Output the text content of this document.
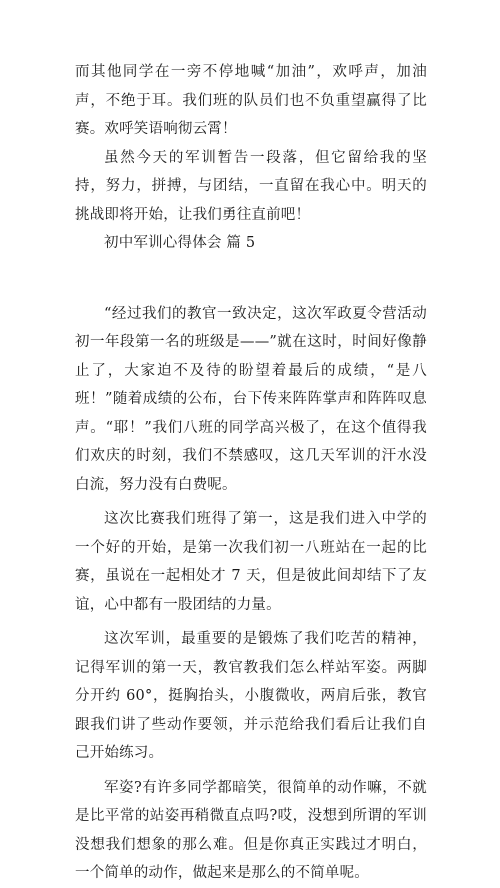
而其他同学在一旁不停地喊“加油”，欢呼声，加油声，不绝于耳。我们班的队员们也不负重望赢得了比赛。欢呼笑语响彻云霄！

虽然今天的军训暂告一段落，但它留给我的坚持，努力，拼搏，与团结，一直留在我心中。明天的挑战即将开始，让我们勇往直前吧！

初中军训心得体会 篇 5

“经过我们的教官一致决定，这次军政夏令营活动初一年段第一名的班级是——”就在这时，时间好像静止了，大家迫不及待的盼望着最后的成绩，“是八班！”随着成绩的公布，台下传来阵阵掌声和阵阵叹息声。“耶！”我们八班的同学高兴极了，在这个值得我们欢庆的时刻，我们不禁感叹，这几天军训的汗水没白流，努力没有白费呢。

这次比赛我们班得了第一，这是我们进入中学的一个好的开始，是第一次我们初一八班站在一起的比赛，虽说在一起相处才 7 天，但是彼此间却结下了友谊，心中都有一股团结的力量。

这次军训，最重要的是锻炼了我们吃苦的精神，记得军训的第一天，教官教我们怎么样站军姿。两脚分开约 60°，挺胸抬头，小腹微收，两肩后张，教官跟我们讲了些动作要领，并示范给我们看后让我们自己开始练习。

军姿?有许多同学都暗笑，很简单的动作嘛，不就是比平常的站姿再稍微直点吗?哎，没想到所谓的军训没想我们想象的那么难。但是你真正实践过才明白，一个简单的动作，做起来是那么的不简单呢。
